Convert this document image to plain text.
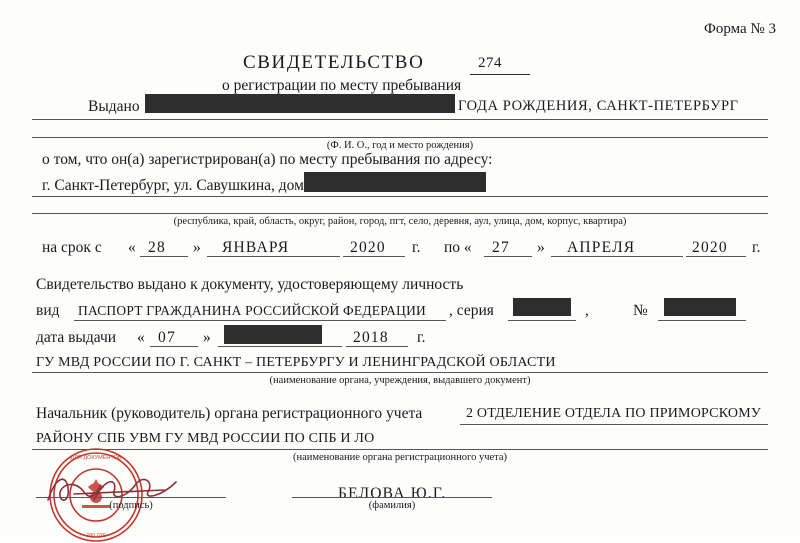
Форма № 3
СВИДЕТЕЛЬСТВО	274
о регистрации по месту пребывания
Выдано	ГОДА РОЖДЕНИЯ, САНКТ-ПЕТЕРБУРГ
(Ф. И. О., год и место рождения)
о том, что он(а) зарегистрирован(а) по месту пребывания по адресу:
г. Санкт-Петербург, ул. Савушкина, дом
(республика, край, область, округ, район, город, пгт, село, деревня, аул, улица, дом, корпус, квартира)
на срок с « 28 » ЯНВАРЯ	2020 г. по « 27 » АПРЕЛЯ	2020 г.
Свидетельство выдано к документу, удостоверяющему личность
вид ПАСПОРТ ГРАЖДАНИНА РОССИЙСКОЙ ФЕДЕРАЦИИ , серия	,	№
дата выдачи « 07 »	2018 г.
ГУ МВД РОССИИ ПО Г. САНКТ – ПЕТЕРБУРГУ И ЛЕНИНГРАДСКОЙ ОБЛАСТИ
(наименование органа, учреждения, выдавшего документ)
Начальник (руководитель) органа регистрационного учета	2 ОТДЕЛЕНИЕ ОТДЕЛА ПО ПРИМОРСКОМУ
РАЙОНУ СПБ УВМ ГУ МВД РОССИИ ПО СПБ И ЛО
(наименование органа регистрационного учета)
ДЛЯ ДОКУМЕНТОВ
780 029
(подпись)
БЕЛОВА Ю.Г.
(фамилия)
